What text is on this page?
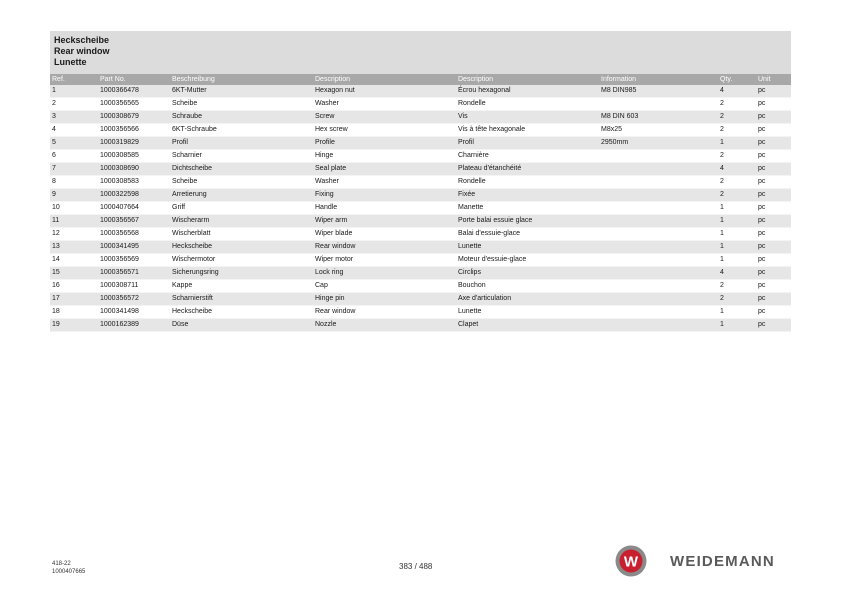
Heckscheibe
Rear window
Lunette
Ref.	Part No.	Beschreibung	Description	Description	Information	Qty.	Unit
1	1000366478	6KT-Mutter	Hexagon nut	Écrou hexagonal	M8 DIN985	4	pc
2	1000356565	Scheibe	Washer	Rondelle		2	pc
3	1000308679	Schraube	Screw	Vis	M8 DIN 603	2	pc
4	1000356566	6KT-Schraube	Hex screw	Vis à tête hexagonale	M8x25	2	pc
5	1000319829	Profil	Profile	Profil	2950mm	1	pc
6	1000308585	Scharnier	Hinge	Charnière		2	pc
7	1000308690	Dichtscheibe	Seal plate	Plateau d'étanchéité		4	pc
8	1000308583	Scheibe	Washer	Rondelle		2	pc
9	1000322598	Arretierung	Fixing	Fixée		2	pc
10	1000407664	Griff	Handle	Manette		1	pc
11	1000356567	Wischerarm	Wiper arm	Porte balai essuie glace		1	pc
12	1000356568	Wischerblatt	Wiper blade	Balai d'essuie-glace		1	pc
13	1000341495	Heckscheibe	Rear window	Lunette		1	pc
14	1000356569	Wischermotor	Wiper motor	Moteur d'essuie-glace		1	pc
15	1000356571	Sicherungsring	Lock ring	Circlips		4	pc
16	1000308711	Kappe	Cap	Bouchon		2	pc
17	1000356572	Scharnierstift	Hinge pin	Axe d'articulation		2	pc
18	1000341498	Heckscheibe	Rear window	Lunette		1	pc
19	1000162389	Düse	Nozzle	Clapet		1	pc
418-22
1000407665
383 / 488	W WEIDEMANN
